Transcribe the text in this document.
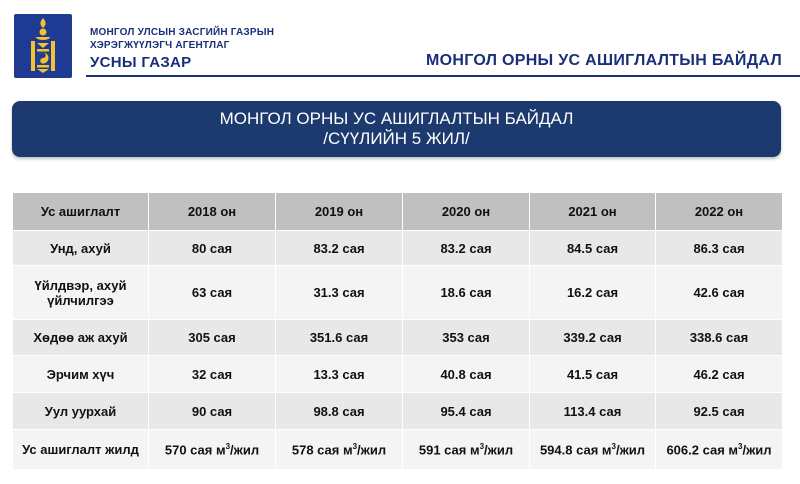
МОНГОЛ УЛСЫН ЗАСГИЙН ГАЗРЫН
ХЭРЭГЖҮҮЛЭГЧ АГЕНТЛАГ
УСНЫ ГАЗАР	МОНГОЛ ОРНЫ УС АШИГЛАЛТЫН БАЙДАЛ
МОНГОЛ ОРНЫ УС АШИГЛАЛТЫН БАЙДАЛ
/СҮҮЛИЙН 5 ЖИЛ/
Ус ашиглалт	2018 он	2019 он	2020 он	2021 он	2022 он
Унд, ахуй	80 сая	83.2 сая	83.2 сая	84.5 сая	86.3 сая
Үйлдвэр, ахуй үйлчилгээ	63 сая	31.3 сая	18.6 сая	16.2 сая	42.6 сая
Хөдөө аж ахуй	305 сая	351.6 сая	353 сая	339.2 сая	338.6 сая
Эрчим хүч	32 сая	13.3 сая	40.8 сая	41.5 сая	46.2 сая
Уул уурхай	90 сая	98.8 сая	95.4 сая	113.4 сая	92.5 сая
Ус ашиглалт жилд	570 сая $м^3$/жил	578 сая $м^3$/жил	591 сая $м^3$/жил	594.8 сая $м^3$/жил	606.2 сая $м^3$/жил
